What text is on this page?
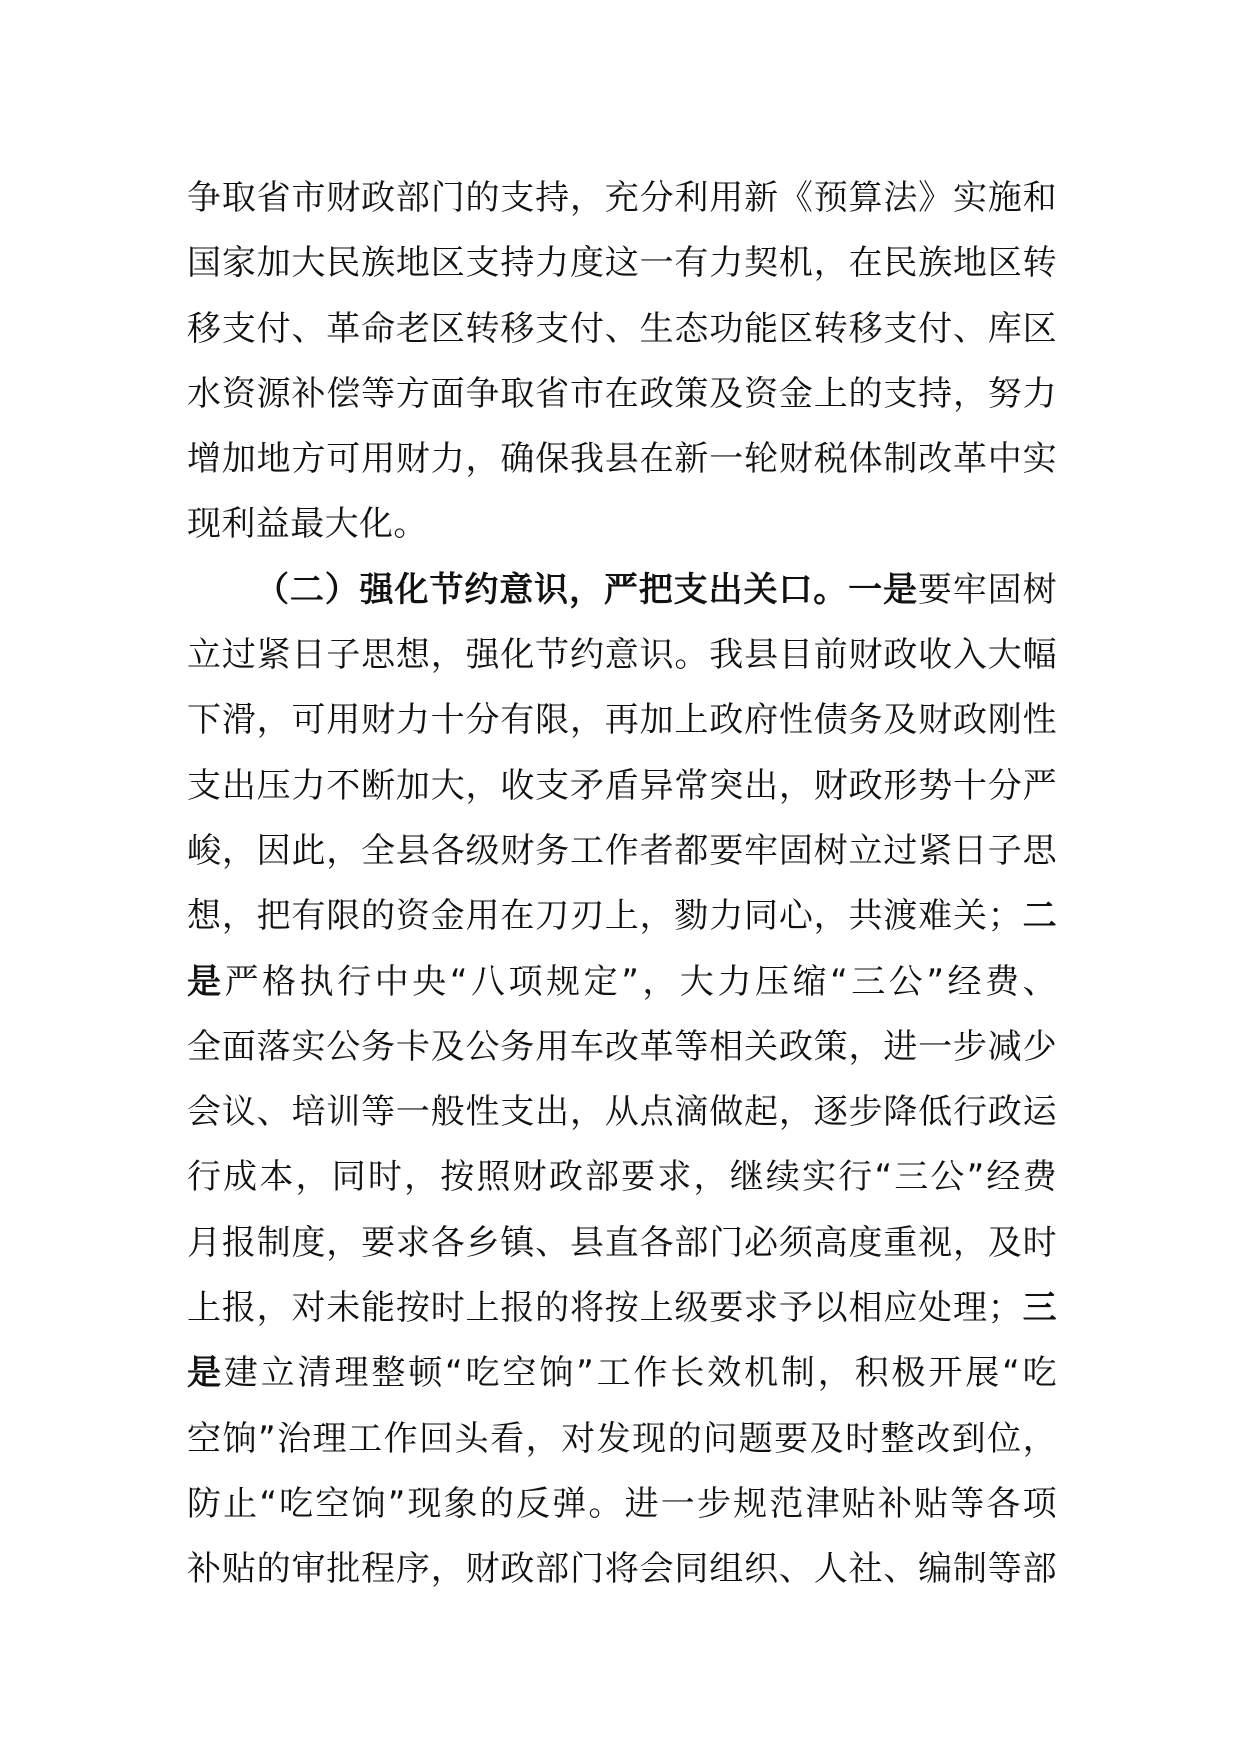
争取省市财政部门的支持，充分利用新《预算法》实施和
国家加大民族地区支持力度这一有力契机，在民族地区转
移支付、革命老区转移支付、生态功能区转移支付、库区
水资源补偿等方面争取省市在政策及资金上的支持，努力
增加地方可用财力，确保我县在新一轮财税体制改革中实
现利益最大化。
（二）强化节约意识，严把支出关口。一是要牢固树
立过紧日子思想，强化节约意识。我县目前财政收入大幅
下滑，可用财力十分有限，再加上政府性债务及财政刚性
支出压力不断加大，收支矛盾异常突出，财政形势十分严
峻，因此，全县各级财务工作者都要牢固树立过紧日子思
想，把有限的资金用在刀刃上，勠力同心，共渡难关；二
是严格执行中央“八项规定”，大力压缩“三公”经费、
全面落实公务卡及公务用车改革等相关政策，进一步减少
会议、培训等一般性支出，从点滴做起，逐步降低行政运
行成本，同时，按照财政部要求，继续实行“三公”经费
月报制度，要求各乡镇、县直各部门必须高度重视，及时
上报，对未能按时上报的将按上级要求予以相应处理；三
是建立清理整顿“吃空饷”工作长效机制，积极开展“吃
空饷”治理工作回头看，对发现的问题要及时整改到位，
防止“吃空饷”现象的反弹。进一步规范津贴补贴等各项
补贴的审批程序，财政部门将会同组织、人社、编制等部
